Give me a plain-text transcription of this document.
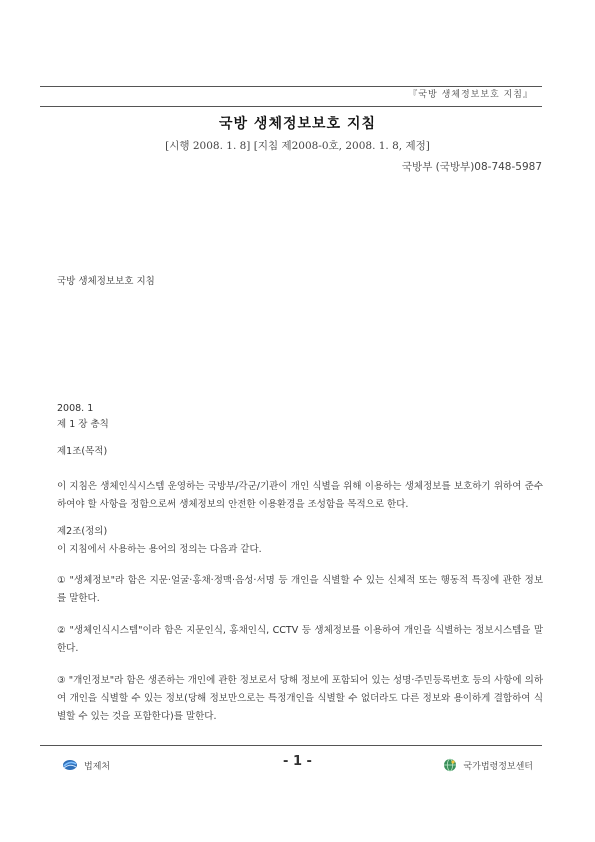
『국방 생체정보보호 지침』
국방 생체정보보호 지침
[시행 2008. 1. 8] [지침 제2008-0호, 2008. 1. 8, 제정]
국방부 (국방부)08-748-5987
국방 생체정보보호 지침
2008. 1
제 1 장 총칙
제1조(목적)
이 지침은 생체인식시스템 운영하는 국방부/각군/기관이 개인 식별을 위해 이용하는 생체정보를 보호하기 위하여 준수하여야 할 사항을 정함으로써 생체정보의 안전한 이용환경을 조성함을 목적으로 한다.
제2조(정의)
이 지침에서 사용하는 용어의 정의는 다음과 같다.
① "생체정보"라 함은 지문·얼굴·홍채·정맥·음성·서명 등 개인을 식별할 수 있는 신체적 또는 행동적 특징에 관한 정보를 말한다.
② "생체인식시스템"이라 함은 지문인식, 홍채인식, CCTV 등 생체정보를 이용하여 개인을 식별하는 정보시스템을 말한다.
③ "개인정보"라 함은 생존하는 개인에 관한 정보로서 당해 정보에 포함되어 있는 성명·주민등록번호 등의 사항에 의하여 개인을 식별할 수 있는 정보(당해 정보만으로는 특정개인을 식별할 수 없더라도 다른 정보와 용이하게 결합하여 식별할 수 있는 것을 포함한다)를 말한다.
법제처	- 1 -	국가법령정보센터
